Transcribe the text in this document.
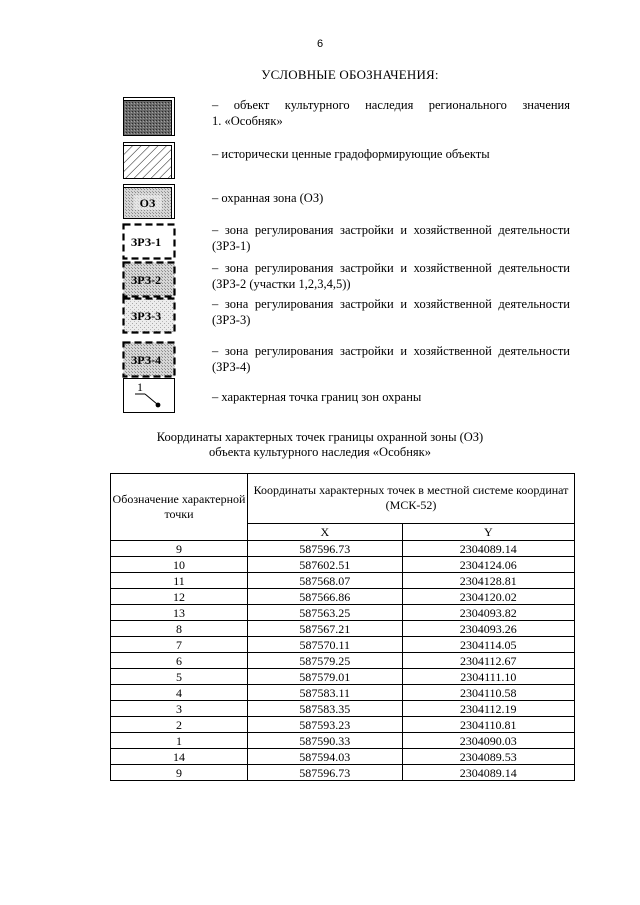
6
УСЛОВНЫЕ ОБОЗНАЧЕНИЯ:
– объект культурного наследия регионального значения
1. «Особняк»
– исторически ценные градоформирующие объекты
ОЗ	– охранная зона (ОЗ)
ЗРЗ-1
– зона регулирования застройки и хозяйственной деятельности
(ЗРЗ-1)
ЗРЗ-2
– зона регулирования застройки и хозяйственной деятельности
(ЗРЗ-2 (участки 1,2,3,4,5))
ЗРЗ-3
– зона регулирования застройки и хозяйственной деятельности
(ЗРЗ-3)
ЗРЗ-4
– зона регулирования застройки и хозяйственной деятельности
(ЗРЗ-4)
1
– характерная точка границ зон охраны
Координаты характерных точек границы охранной зоны (ОЗ)
объекта культурного наследия «Особняк»
Обозначение характерной точки	Координаты характерных точек в местной системе координат (МСК-52)	
	X	Y
9	587596.73	2304089.14
10	587602.51	2304124.06
11	587568.07	2304128.81
12	587566.86	2304120.02
13	587563.25	2304093.82
8	587567.21	2304093.26
7	587570.11	2304114.05
6	587579.25	2304112.67
5	587579.01	2304111.10
4	587583.11	2304110.58
3	587583.35	2304112.19
2	587593.23	2304110.81
1	587590.33	2304090.03
14	587594.03	2304089.53
9	587596.73	2304089.14
